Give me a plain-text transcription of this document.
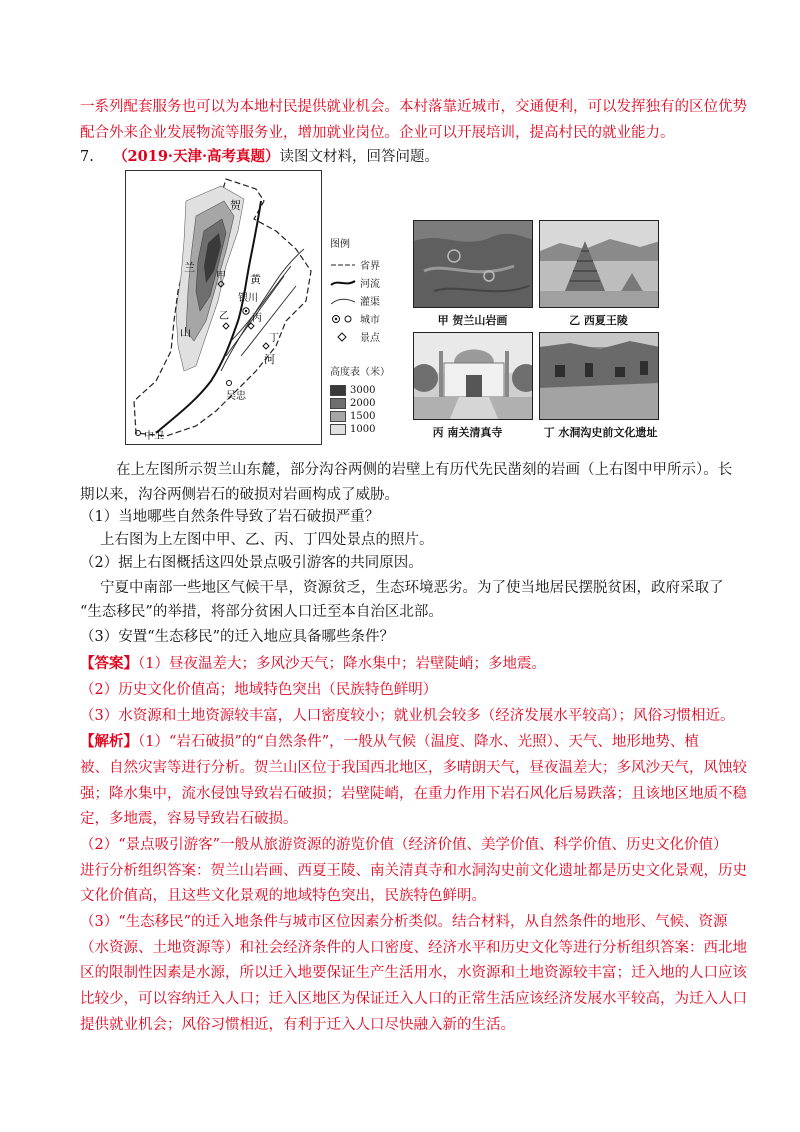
一系列配套服务也可以为本地村民提供就业机会。本村落靠近城市，交通便利，可以发挥独有的区位优势
配合外来企业发展物流等服务业，增加就业岗位。企业可以开展培训，提高村民的就业能力。
7. （2019·天津·高考真题）读图文材料，回答问题。
贺
兰
山
甲
乙
银川
丙
丁
黄
河
吴忠
中卫
图例
省界
河流
灌渠
城市
景点
高度表（米）
3000
2000
1500
1000
甲 贺兰山岩画	乙 西夏王陵
丙 南关清真寺	丁 水洞沟史前文化遗址
在上左图所示贺兰山东麓，部分沟谷两侧的岩壁上有历代先民凿刻的岩画（上右图中甲所示）。长
期以来，沟谷两侧岩石的破损对岩画构成了威胁。
（1）当地哪些自然条件导致了岩石破损严重？
上右图为上左图中甲、乙、丙、丁四处景点的照片。
（2）据上右图概括这四处景点吸引游客的共同原因。
宁夏中南部一些地区气候干旱，资源贫乏，生态环境恶劣。为了使当地居民摆脱贫困，政府采取了
“生态移民”的举措，将部分贫困人口迁至本自治区北部。
（3）安置“生态移民”的迁入地应具备哪些条件？
【答案】（1）昼夜温差大；多风沙天气；降水集中；岩壁陡峭；多地震。
（2）历史文化价值高；地域特色突出（民族特色鲜明）
（3）水资源和土地资源较丰富，人口密度较小；就业机会较多（经济发展水平较高）；风俗习惯相近。
【解析】（1）“岩石破损”的“自然条件”，一般从气候（温度、降水、光照）、天气、地形地势、植
被、自然灾害等进行分析。贺兰山区位于我国西北地区，多晴朗天气，昼夜温差大；多风沙天气，风蚀较
强；降水集中，流水侵蚀导致岩石破损；岩壁陡峭，在重力作用下岩石风化后易跌落；且该地区地质不稳
定，多地震，容易导致岩石破损。
（2）“景点吸引游客”一般从旅游资源的游览价值（经济价值、美学价值、科学价值、历史文化价值）
进行分析组织答案：贺兰山岩画、西夏王陵、南关清真寺和水洞沟史前文化遗址都是历史文化景观，历史
文化价值高，且这些文化景观的地域特色突出，民族特色鲜明。
（3）“生态移民”的迁入地条件与城市区位因素分析类似。结合材料，从自然条件的地形、气候、资源
（水资源、土地资源等）和社会经济条件的人口密度、经济水平和历史文化等进行分析组织答案：西北地
区的限制性因素是水源，所以迁入地要保证生产生活用水，水资源和土地资源较丰富；迁入地的人口应该
比较少，可以容纳迁入人口；迁入区地区为保证迁入人口的正常生活应该经济发展水平较高，为迁入人口
提供就业机会；风俗习惯相近，有利于迁入人口尽快融入新的生活。
